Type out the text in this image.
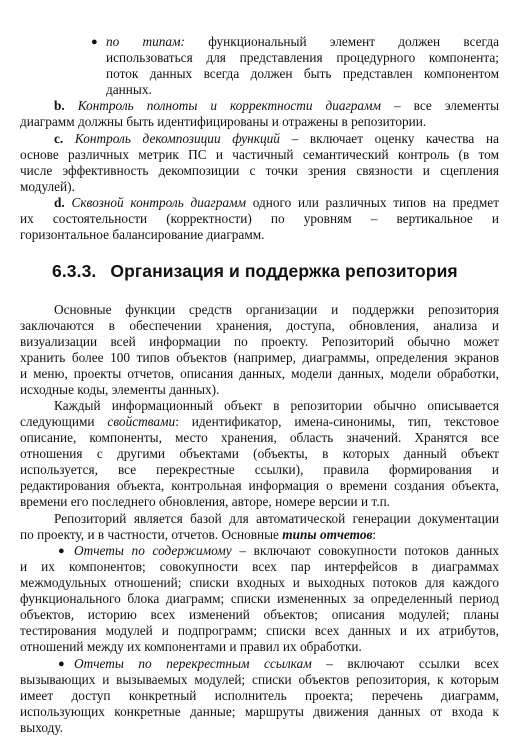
● по типам: функциональный элемент должен всегда

использоваться для представления процедурного компонента;

поток данных всегда должен быть представлен компонентом

данных.

b. Контроль полноты и корректности диаграмм – все элементы

диаграмм должны быть идентифицированы и отражены в репозитории.

c. Контроль декомпозиции функций – включает оценку качества на

основе различных метрик ПС и частичный семантический контроль (в том

числе эффективность декомпозиции с точки зрения связности и сцепления

модулей).

d. Сквозной контроль диаграмм одного или различных типов на предмет

их состоятельности (корректности) по уровням – вертикальное и

горизонтальное балансирование диаграмм.

6.3.3. Организация и поддержка репозитория

Основные функции средств организации и поддержки репозитория

заключаются в обеспечении хранения, доступа, обновления, анализа и

визуализации всей информации по проекту. Репозиторий обычно может

хранить более 100 типов объектов (например, диаграммы, определения экранов

и меню, проекты отчетов, описания данных, модели данных, модели обработки,

исходные коды, элементы данных).

Каждый информационный объект в репозитории обычно описывается

следующими свойствами: идентификатор, имена-синонимы, тип, текстовое

описание, компоненты, место хранения, область значений. Хранятся все

отношения с другими объектами (объекты, в которых данный объект

используется, все перекрестные ссылки), правила формирования и

редактирования объекта, контрольная информация о времени создания объекта,

времени его последнего обновления, авторе, номере версии и т.п.

Репозиторий является базой для автоматической генерации документации

по проекту, и в частности, отчетов. Основные типы отчетов:

● Отчеты по содержимому – включают совокупности потоков данных

и их компонентов; совокупности всех пар интерфейсов в диаграммах

межмодульных отношений; списки входных и выходных потоков для каждого

функционального блока диаграмм; списки измененных за определенный период

объектов, историю всех изменений объектов; описания модулей; планы

тестирования модулей и подпрограмм; списки всех данных и их атрибутов,

отношений между их компонентами и правил их обработки.

● Отчеты по перекрестным ссылкам – включают ссылки всех

вызывающих и вызываемых модулей; списки объектов репозитория, к которым

имеет доступ конкретный исполнитель проекта; перечень диаграмм,

использующих конкретные данные; маршруты движения данных от входа к

выходу.
